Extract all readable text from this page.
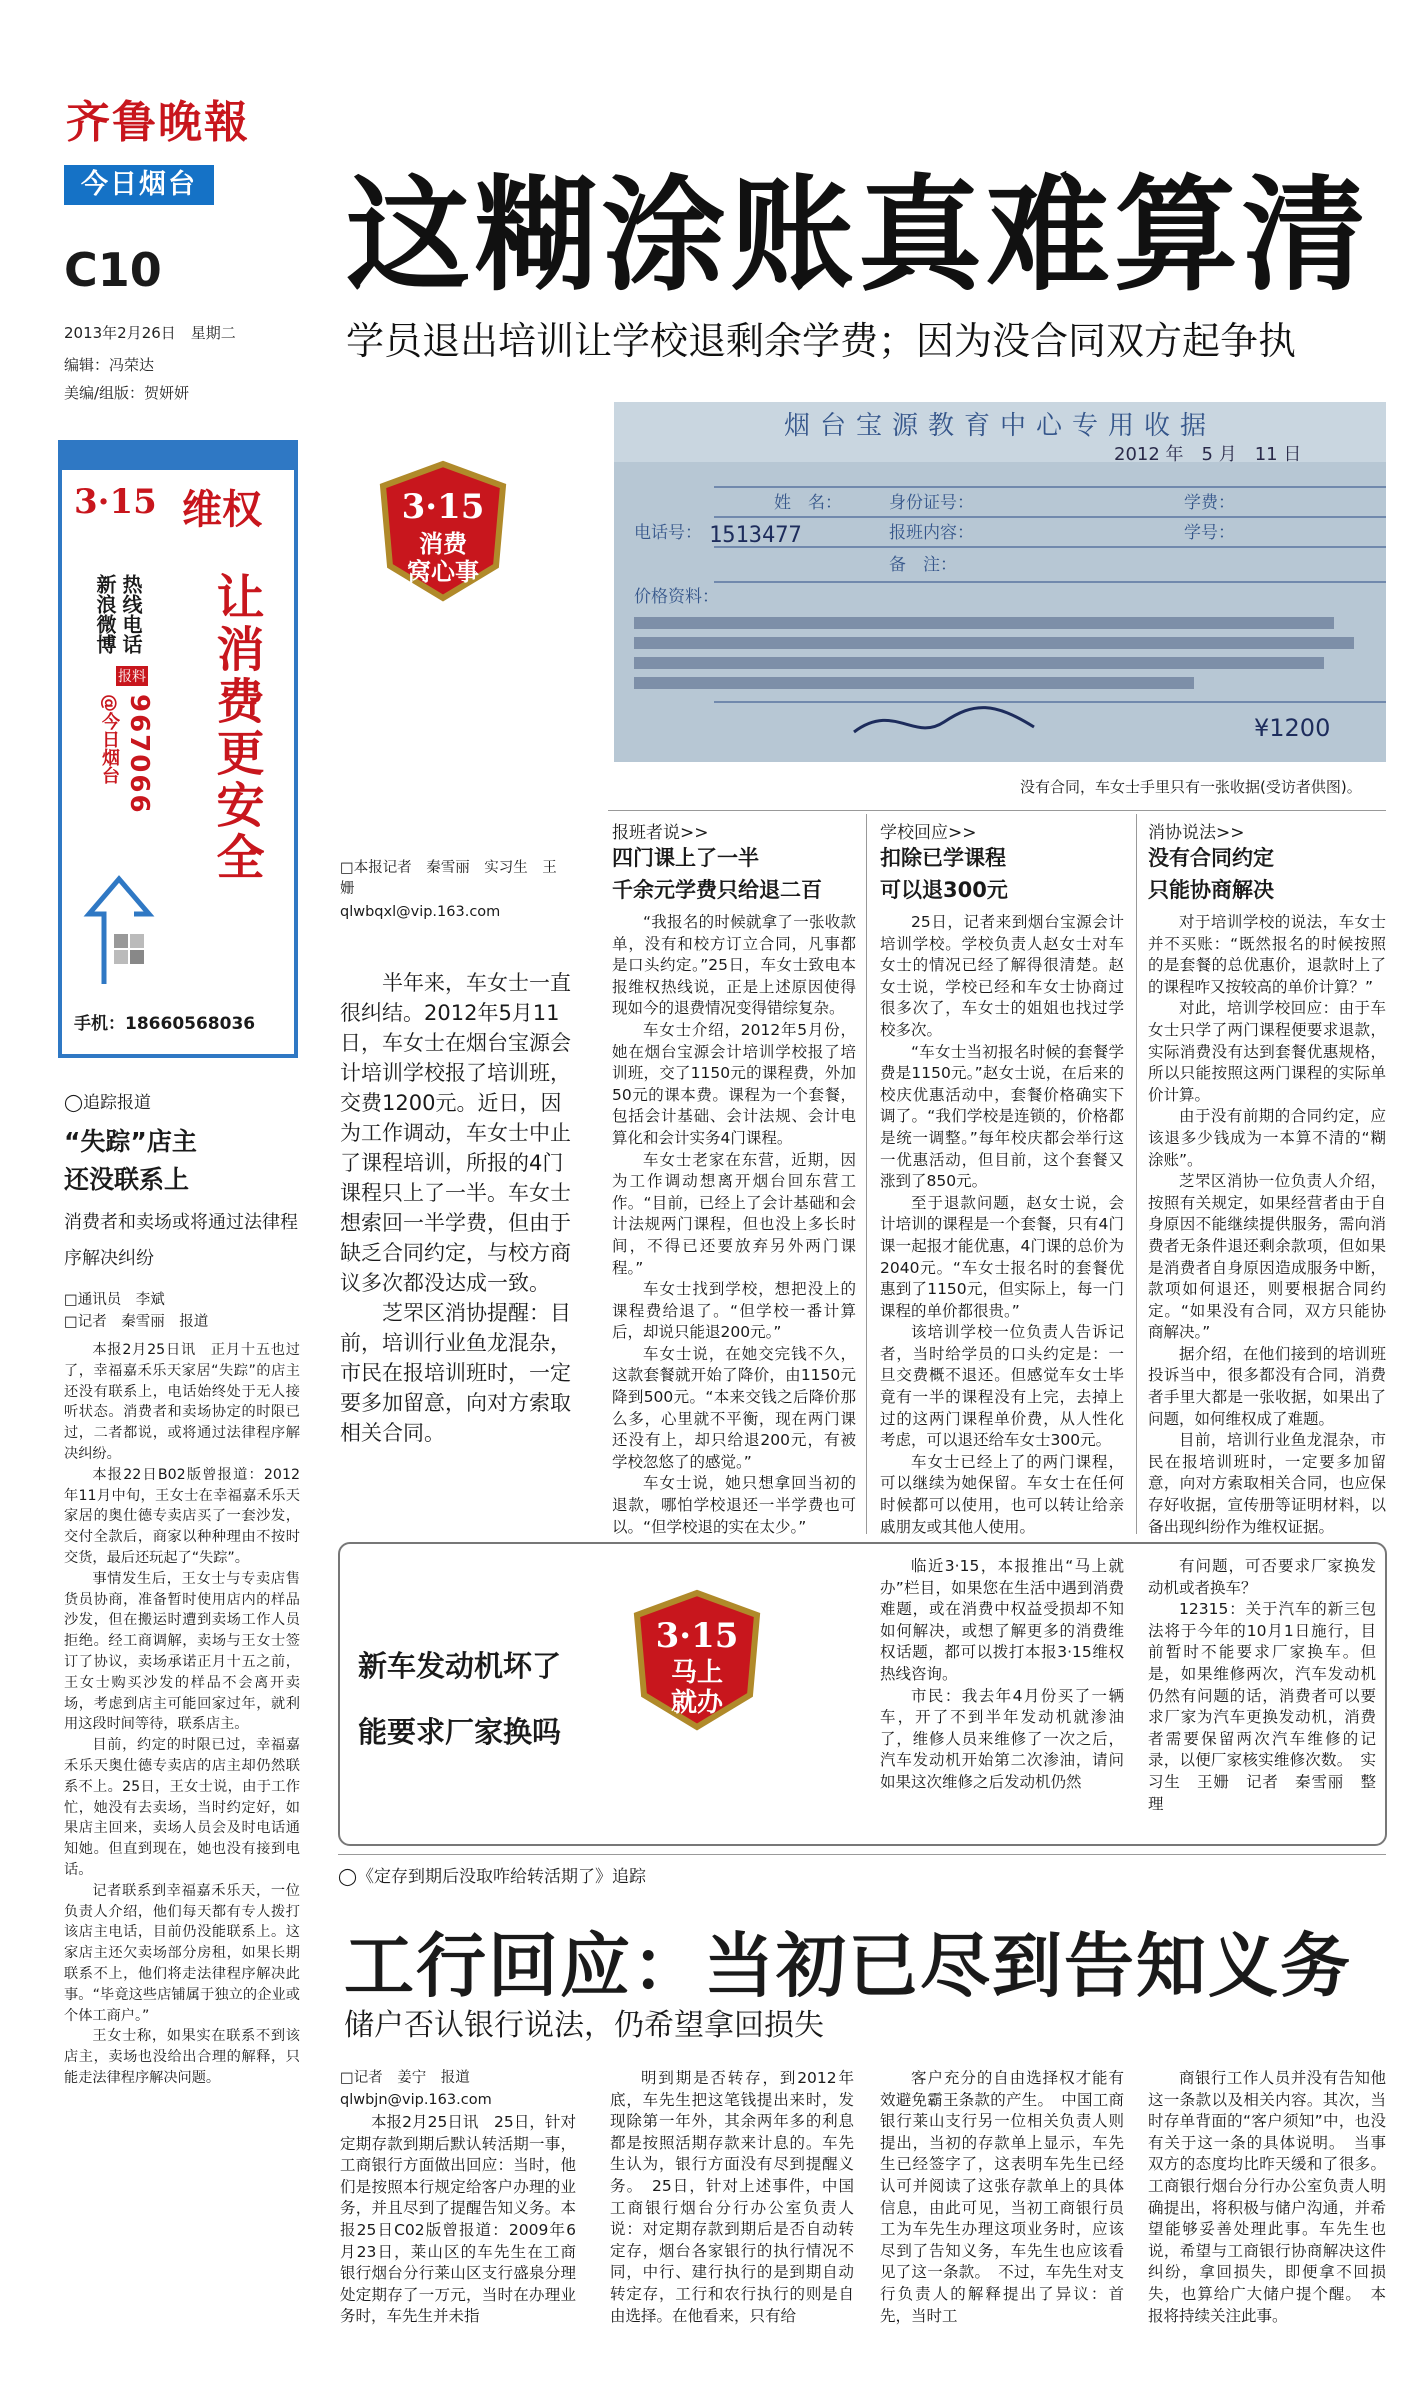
齐鲁晚報
今日烟台
C10
2013年2月26日　星期二
编辑：冯荣达
美编/组版：贺妍妍
这糊涂账真难算清
学员退出培训让学校退剩余学费；因为没合同双方起争执
3·15 维权
热线电话
新浪微博
报料
@今日烟台 967066 让消费更安全
手机：18660568036
◯追踪报道
“失踪”店主
还没联系上
消费者和卖场或将通过法律程序解决纠纷
□通讯员　李斌
□记者　秦雪丽　报道

本报2月25日讯　正月十五也过了，幸福嘉禾乐天家居“失踪”的店主还没有联系上，电话始终处于无人接听状态。消费者和卖场协定的时限已过，二者都说，或将通过法律程序解决纠纷。

本报22日B02版曾报道：2012年11月中旬，王女士在幸福嘉禾乐天家居的奥仕德专卖店买了一套沙发，交付全款后，商家以种种理由不按时交货，最后还玩起了“失踪”。

事情发生后，王女士与专卖店售货员协商，准备暂时使用店内的样品沙发，但在搬运时遭到卖场工作人员拒绝。经工商调解，卖场与王女士签订了协议，卖场承诺正月十五之前，王女士购买沙发的样品不会离开卖场，考虑到店主可能回家过年，就利用这段时间等待，联系店主。

目前，约定的时限已过，幸福嘉禾乐天奥仕德专卖店的店主却仍然联系不上。25日，王女士说，由于工作忙，她没有去卖场，当时约定好，如果店主回来，卖场人员会及时电话通知她。但直到现在，她也没有接到电话。

记者联系到幸福嘉禾乐天，一位负责人介绍，他们每天都有专人拨打该店主电话，目前仍没能联系上。这家店主还欠卖场部分房租，如果长期联系不上，他们将走法律程序解决此事。“毕竟这些店铺属于独立的企业或个体工商户。”

王女士称，如果实在联系不到该店主，卖场也没给出合理的解释，只能走法律程序解决问题。

3·15
消费
窝心事
烟台宝源教育中心专用收据
2012 年　5 月　11 日
姓　名：	身份证号：
电话号：	报班内容：
备　注：
学费：
学号：
价格资料：
1513477
¥1200
没有合同，车女士手里只有一张收据(受访者供图)。
□本报记者　秦雪丽　实习生　王姗
qlwbqxl@vip.163.com

半年来，车女士一直很纠结。2012年5月11日，车女士在烟台宝源会计培训学校报了培训班，交费1200元。近日，因为工作调动，车女士中止了课程培训，所报的4门课程只上了一半。车女士想索回一半学费，但由于缺乏合同约定，与校方商议多次都没达成一致。

芝罘区消协提醒：目前，培训行业鱼龙混杂，市民在报培训班时，一定要多加留意，向对方索取相关合同。

报班者说>>
四门课上了一半
千余元学费只给退二百

“我报名的时候就拿了一张收款单，没有和校方订立合同，凡事都是口头约定。”25日，车女士致电本报维权热线说，正是上述原因使得现如今的退费情况变得错综复杂。

车女士介绍，2012年5月份，她在烟台宝源会计培训学校报了培训班，交了1150元的课程费，外加50元的课本费。课程为一个套餐，包括会计基础、会计法规、会计电算化和会计实务4门课程。

车女士老家在东营，近期，因为工作调动想离开烟台回东营工作。“目前，已经上了会计基础和会计法规两门课程，但也没上多长时间，不得已还要放弃另外两门课程。”

车女士找到学校，想把没上的课程费给退了。“但学校一番计算后，却说只能退200元。”

车女士说，在她交完钱不久，这款套餐就开始了降价，由1150元降到500元。“本来交钱之后降价那么多，心里就不平衡，现在两门课还没有上，却只给退200元，有被学校忽悠了的感觉。”

车女士说，她只想拿回当初的退款，哪怕学校退还一半学费也可以。“但学校退的实在太少。”

学校回应>>
扣除已学课程
可以退300元

25日，记者来到烟台宝源会计培训学校。学校负责人赵女士对车女士的情况已经了解得很清楚。赵女士说，学校已经和车女士协商过很多次了，车女士的姐姐也找过学校多次。

“车女士当初报名时候的套餐学费是1150元。”赵女士说，在后来的校庆优惠活动中，套餐价格确实下调了。“我们学校是连锁的，价格都是统一调整。”每年校庆都会举行这一优惠活动，但目前，这个套餐又涨到了850元。

至于退款问题，赵女士说，会计培训的课程是一个套餐，只有4门课一起报才能优惠，4门课的总价为2040元。“车女士报名时的套餐优惠到了1150元，但实际上，每一门课程的单价都很贵。”

该培训学校一位负责人告诉记者，当时给学员的口头约定是：一旦交费概不退还。但感觉车女士毕竟有一半的课程没有上完，去掉上过的这两门课程单价费，从人性化考虑，可以退还给车女士300元。

车女士已经上了的两门课程，可以继续为她保留。车女士在任何时候都可以使用，也可以转让给亲戚朋友或其他人使用。

消协说法>>
没有合同约定
只能协商解决

对于培训学校的说法，车女士并不买账：“既然报名的时候按照的是套餐的总优惠价，退款时上了的课程咋又按较高的单价计算？”

对此，培训学校回应：由于车女士只学了两门课程便要求退款，实际消费没有达到套餐优惠规格，所以只能按照这两门课程的实际单价计算。

由于没有前期的合同约定，应该退多少钱成为一本算不清的“糊涂账”。

芝罘区消协一位负责人介绍，按照有关规定，如果经营者由于自身原因不能继续提供服务，需向消费者无条件退还剩余款项，但如果是消费者自身原因造成服务中断，款项如何退还，则要根据合同约定。“如果没有合同，双方只能协商解决。”

据介绍，在他们接到的培训班投诉当中，很多都没有合同，消费者手里大都是一张收据，如果出了问题，如何维权成了难题。

目前，培训行业鱼龙混杂，市民在报培训班时，一定要多加留意，向对方索取相关合同，也应保存好收据，宣传册等证明材料，以备出现纠纷作为维权证据。

新车发动机坏了
能要求厂家换吗
3·15
马上
就办

临近3·15，本报推出“马上就办”栏目，如果您在生活中遇到消费难题，或在消费中权益受损却不知如何解决，或想了解更多的消费维权话题，都可以拨打本报3·15维权热线咨询。

市民：我去年4月份买了一辆车，开了不到半年发动机就渗油了，维修人员来维修了一次之后，汽车发动机开始第二次渗油，请问如果这次维修之后发动机仍然

有问题，可否要求厂家换发动机或者换车？

12315：关于汽车的新三包法将于今年的10月1日施行，目前暂时不能要求厂家换车。但是，如果维修两次，汽车发动机仍然有问题的话，消费者可以要求厂家为汽车更换发动机，消费者需要保留两次汽车维修的记录，以便厂家核实维修次数。　实习生　王姗　记者　秦雪丽　整理

◯《定存到期后没取咋给转活期了》追踪
工行回应：当初已尽到告知义务
储户否认银行说法，仍希望拿回损失
□记者　姜宁　报道
qlwbjn@vip.163.com

本报2月25日讯　25日，针对定期存款到期后默认转活期一事，工商银行方面做出回应：当时，他们是按照本行规定给客户办理的业务，并且尽到了提醒告知义务。本报25日C02版曾报道：2009年6月23日，莱山区的车先生在工商银行烟台分行莱山区支行盛泉分理处定期存了一万元，当时在办理业务时，车先生并未指

明到期是否转存，到2012年底，车先生把这笔钱提出来时，发现除第一年外，其余两年多的利息都是按照活期存款来计息的。车先生认为，银行方面没有尽到提醒义务。　25日，针对上述事件，中国工商银行烟台分行办公室负责人说：对定期存款到期后是否自动转定存，烟台各家银行的执行情况不同，中行、建行执行的是到期自动转定存，工行和农行执行的则是自由选择。在他看来，只有给

客户充分的自由选择权才能有效避免霸王条款的产生。　中国工商银行莱山支行另一位相关负责人则提出，当初的存款单上显示，车先生已经签字了，这表明车先生已经认可并阅读了这张存款单上的具体信息，由此可见，当初工商银行员工为车先生办理这项业务时，应该尽到了告知义务，车先生也应该看见了这一条款。　不过，车先生对支行负责人的解释提出了异议：首先，当时工

商银行工作人员并没有告知他这一条款以及相关内容。其次，当时存单背面的“客户须知”中，也没有关于这一条的具体说明。　当事双方的态度均比昨天缓和了很多。工商银行烟台分行办公室负责人明确提出，将积极与储户沟通，并希望能够妥善处理此事。车先生也说，希望与工商银行协商解决这件纠纷，拿回损失，即便拿不回损失，也算给广大储户提个醒。　本报将持续关注此事。
